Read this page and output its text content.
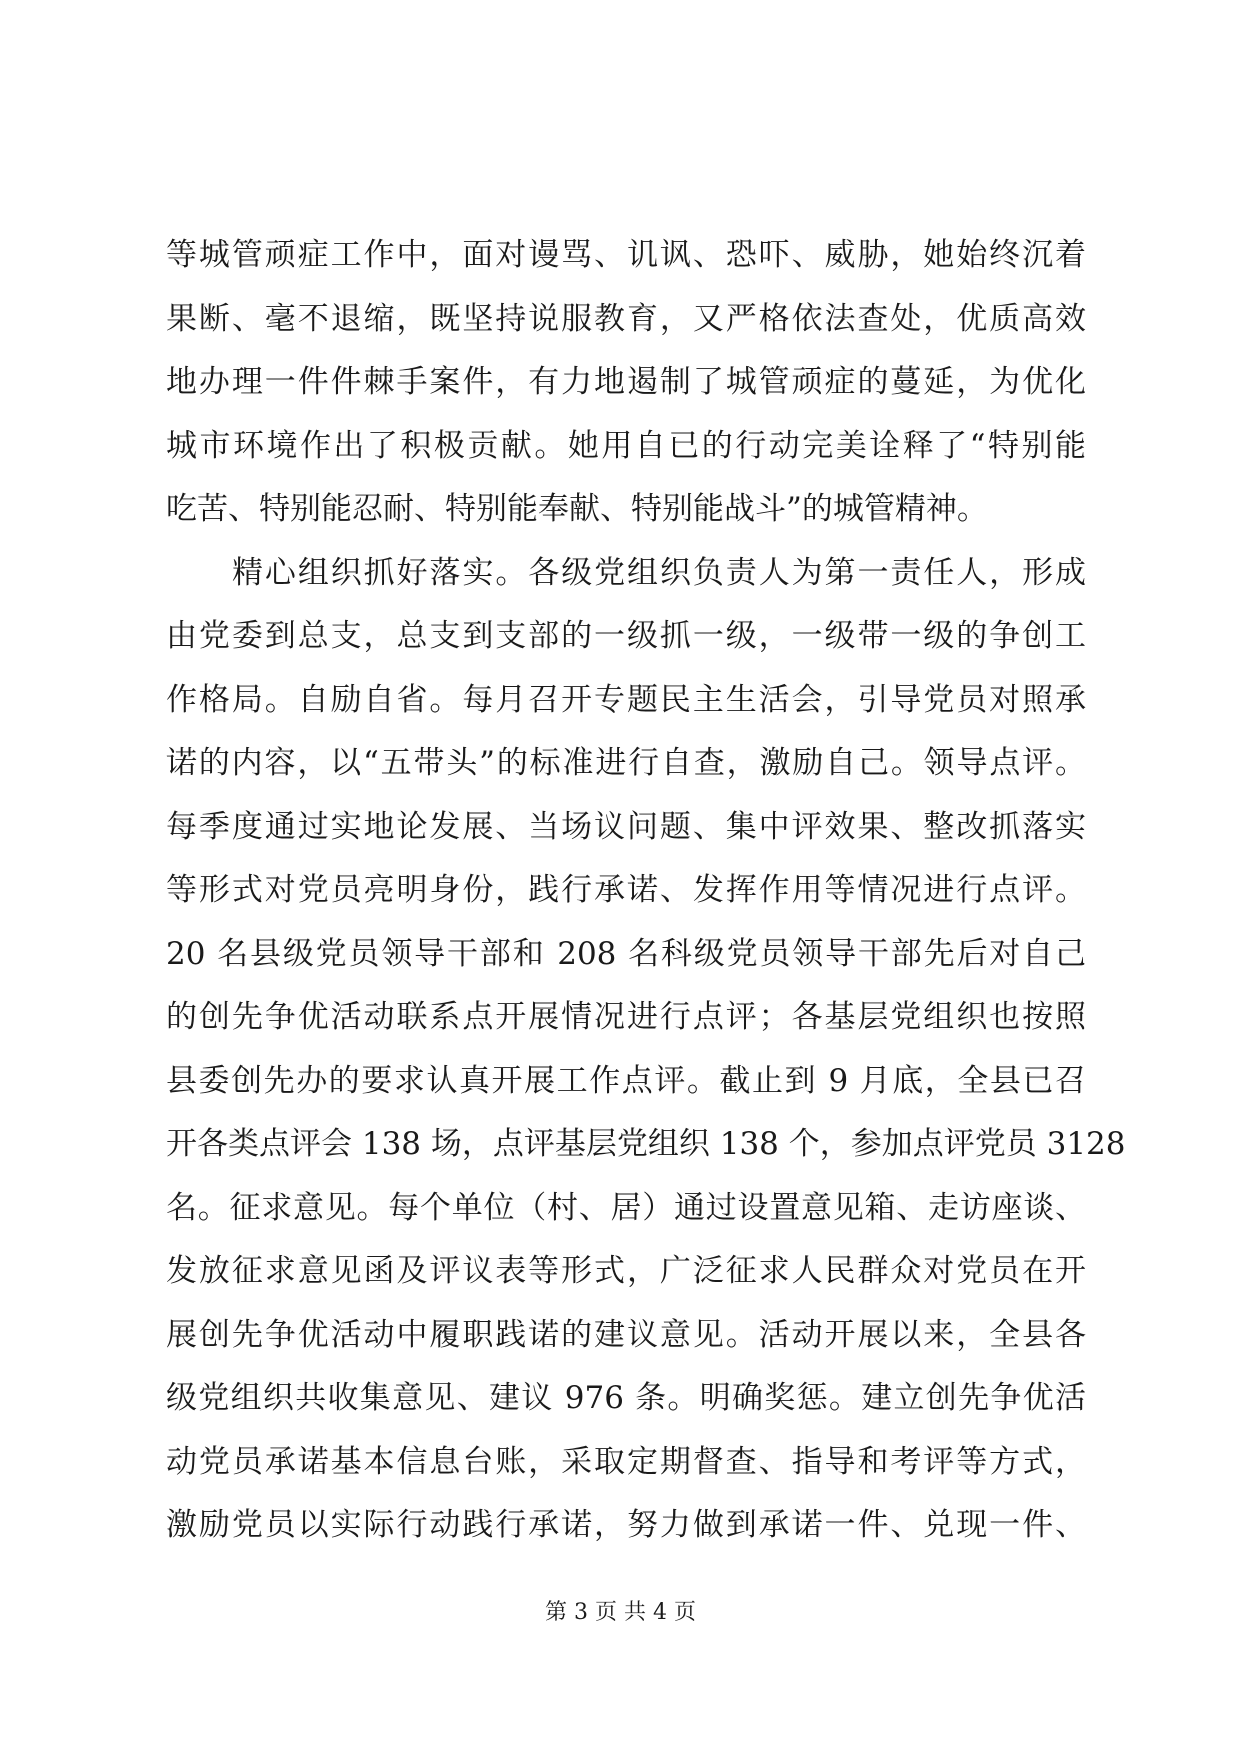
等城管顽症工作中，面对谩骂、讥讽、恐吓、威胁，她始终沉着
果断、毫不退缩，既坚持说服教育，又严格依法查处，优质高效
地办理一件件棘手案件，有力地遏制了城管顽症的蔓延，为优化
城市环境作出了积极贡献。她用自已的行动完美诠释了“特别能
吃苦、特别能忍耐、特别能奉献、特别能战斗”的城管精神。
精心组织抓好落实。各级党组织负责人为第一责任人，形成
由党委到总支，总支到支部的一级抓一级，一级带一级的争创工
作格局。自励自省。每月召开专题民主生活会，引导党员对照承
诺的内容，以“五带头”的标准进行自查，激励自己。领导点评。
每季度通过实地论发展、当场议问题、集中评效果、整改抓落实
等形式对党员亮明身份，践行承诺、发挥作用等情况进行点评。
20 名县级党员领导干部和 208 名科级党员领导干部先后对自己
的创先争优活动联系点开展情况进行点评；各基层党组织也按照
县委创先办的要求认真开展工作点评。截止到 9 月底，全县已召
开各类点评会 138 场，点评基层党组织 138 个，参加点评党员 3128
名。征求意见。每个单位（村、居）通过设置意见箱、走访座谈、
发放征求意见函及评议表等形式，广泛征求人民群众对党员在开
展创先争优活动中履职践诺的建议意见。活动开展以来，全县各
级党组织共收集意见、建议 976 条。明确奖惩。建立创先争优活
动党员承诺基本信息台账，采取定期督查、指导和考评等方式，
激励党员以实际行动践行承诺，努力做到承诺一件、兑现一件、
第 3 页 共 4 页
